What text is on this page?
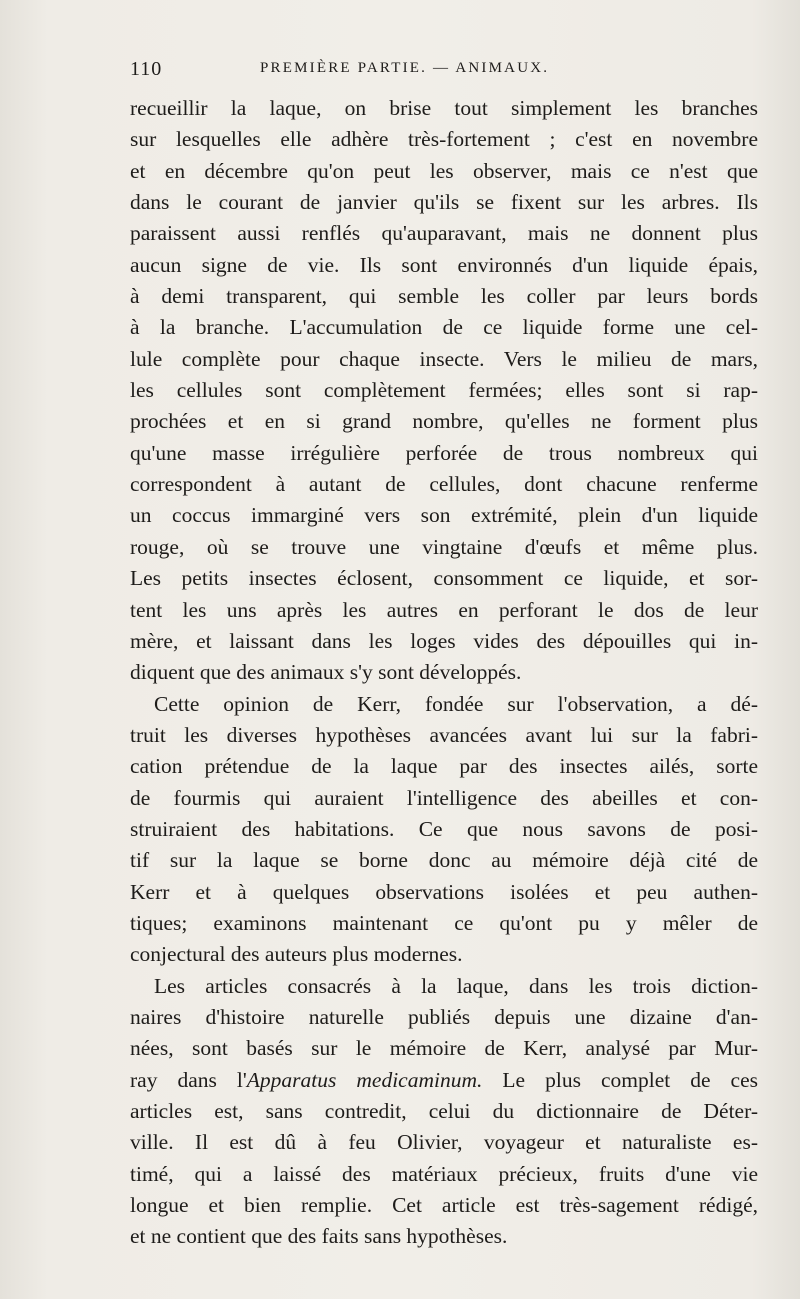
110	PREMIÈRE PARTIE. — ANIMAUX.
recueillir la laque, on brise tout simplement les branches
sur lesquelles elle adhère très-fortement ; c'est en novembre
et en décembre qu'on peut les observer, mais ce n'est que
dans le courant de janvier qu'ils se fixent sur les arbres. Ils
paraissent aussi renflés qu'auparavant, mais ne donnent plus
aucun signe de vie. Ils sont environnés d'un liquide épais,
à demi transparent, qui semble les coller par leurs bords
à la branche. L'accumulation de ce liquide forme une cel-
lule complète pour chaque insecte. Vers le milieu de mars,
les cellules sont complètement fermées; elles sont si rap-
prochées et en si grand nombre, qu'elles ne forment plus
qu'une masse irrégulière perforée de trous nombreux qui
correspondent à autant de cellules, dont chacune renferme
un coccus immarginé vers son extrémité, plein d'un liquide
rouge, où se trouve une vingtaine d'œufs et même plus.
Les petits insectes éclosent, consomment ce liquide, et sor-
tent les uns après les autres en perforant le dos de leur
mère, et laissant dans les loges vides des dépouilles qui in-
diquent que des animaux s'y sont développés.
Cette opinion de Kerr, fondée sur l'observation, a dé-
truit les diverses hypothèses avancées avant lui sur la fabri-
cation prétendue de la laque par des insectes ailés, sorte
de fourmis qui auraient l'intelligence des abeilles et con-
struiraient des habitations. Ce que nous savons de posi-
tif sur la laque se borne donc au mémoire déjà cité de
Kerr et à quelques observations isolées et peu authen-
tiques; examinons maintenant ce qu'ont pu y mêler de
conjectural des auteurs plus modernes.
Les articles consacrés à la laque, dans les trois diction-
naires d'histoire naturelle publiés depuis une dizaine d'an-
nées, sont basés sur le mémoire de Kerr, analysé par Mur-
ray dans l'Apparatus medicaminum. Le plus complet de ces
articles est, sans contredit, celui du dictionnaire de Déter-
ville. Il est dû à feu Olivier, voyageur et naturaliste es-
timé, qui a laissé des matériaux précieux, fruits d'une vie
longue et bien remplie. Cet article est très-sagement rédigé,
et ne contient que des faits sans hypothèses.
